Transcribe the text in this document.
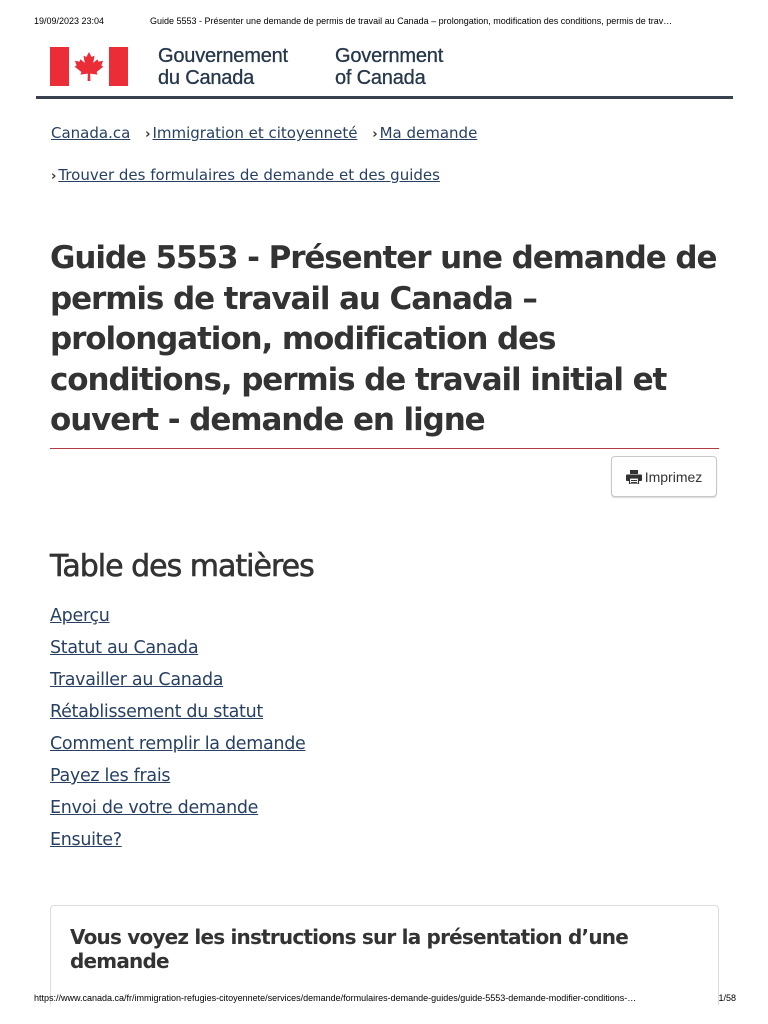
19/09/2023 23:04	Guide 5553 - Présenter une demande de permis de travail au Canada – prolongation, modification des conditions, permis de trav…
Gouvernement
du Canada
Government
of Canada
Canada.ca › Immigration et citoyenneté › Ma demande
› Trouver des formulaires de demande et des guides
Guide 5553 - Présenter une demande de permis de travail au Canada – prolongation, modification des conditions, permis de travail initial et ouvert - demande en ligne
Imprimez
Table des matières
Aperçu
Statut au Canada
Travailler au Canada
Rétablissement du statut
Comment remplir la demande
Payez les frais
Envoi de votre demande
Ensuite?
Vous voyez les instructions sur la présentation d’une demande
https://www.canada.ca/fr/immigration-refugies-citoyennete/services/demande/formulaires-demande-guides/guide-5553-demande-modifier-conditions-…	1/58
